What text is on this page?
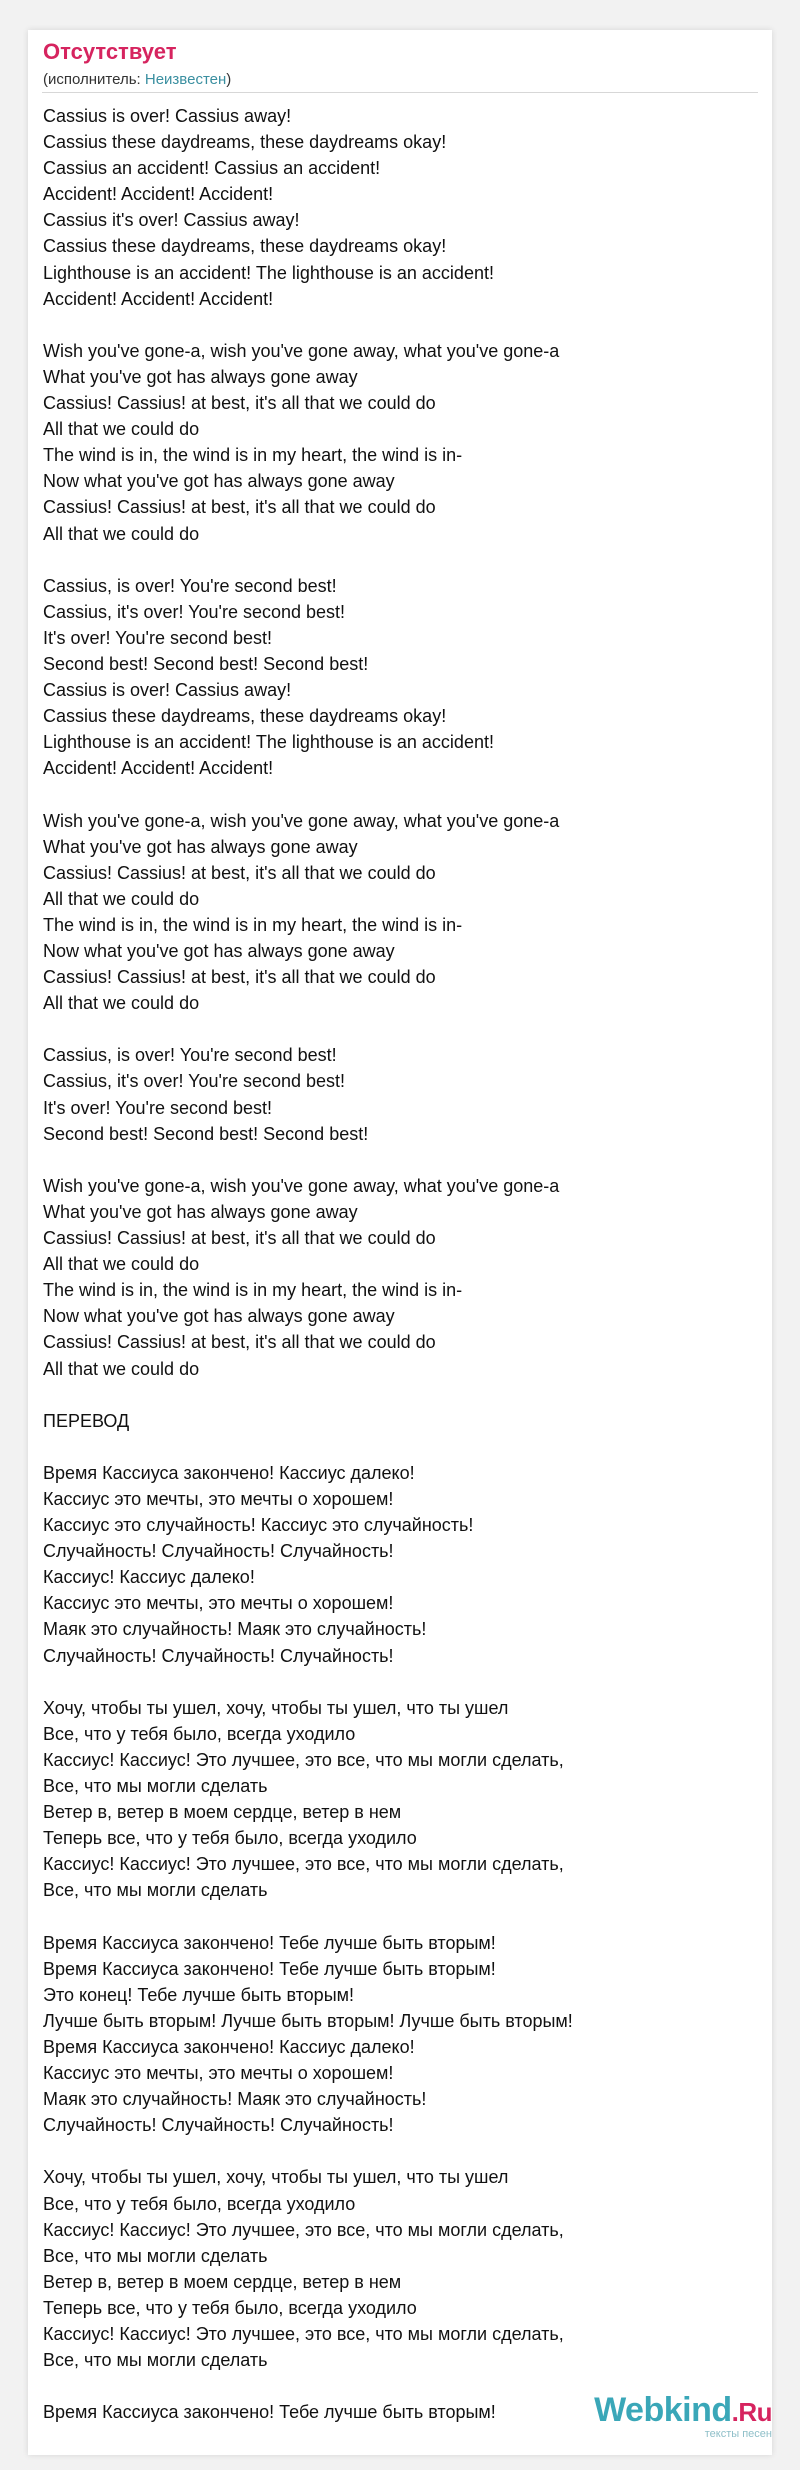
Отсутствует
(исполнитель: Неизвестен)
Cassius is over! Cassius away!
Cassius these daydreams, these daydreams okay!
Cassius an accident! Cassius an accident!
Accident! Accident! Accident!
Cassius it's over! Cassius away!
Cassius these daydreams, these daydreams okay!
Lighthouse is an accident! The lighthouse is an accident!
Accident! Accident! Accident!
Wish you've gone-a, wish you've gone away, what you've gone-a
What you've got has always gone away
Cassius! Cassius! at best, it's all that we could do
All that we could do
The wind is in, the wind is in my heart, the wind is in-
Now what you've got has always gone away
Cassius! Cassius! at best, it's all that we could do
All that we could do
Cassius, is over! You're second best!
Cassius, it's over! You're second best!
It's over! You're second best!
Second best! Second best! Second best!
Cassius is over! Cassius away!
Cassius these daydreams, these daydreams okay!
Lighthouse is an accident! The lighthouse is an accident!
Accident! Accident! Accident!
Wish you've gone-a, wish you've gone away, what you've gone-a
What you've got has always gone away
Cassius! Cassius! at best, it's all that we could do
All that we could do
The wind is in, the wind is in my heart, the wind is in-
Now what you've got has always gone away
Cassius! Cassius! at best, it's all that we could do
All that we could do
Cassius, is over! You're second best!
Cassius, it's over! You're second best!
It's over! You're second best!
Second best! Second best! Second best!
Wish you've gone-a, wish you've gone away, what you've gone-a
What you've got has always gone away
Cassius! Cassius! at best, it's all that we could do
All that we could do
The wind is in, the wind is in my heart, the wind is in-
Now what you've got has always gone away
Cassius! Cassius! at best, it's all that we could do
All that we could do
ПЕРЕВОД
Время Кассиуса закончено! Кассиус далеко!
Кассиус это мечты, это мечты о хорошем!
Кассиус это случайность! Кассиус это случайность!
Случайность! Случайность! Случайность!
Кассиус! Кассиус далеко!
Кассиус это мечты, это мечты о хорошем!
Маяк это случайность! Маяк это случайность!
Случайность! Случайность! Случайность!
Хочу, чтобы ты ушел, хочу, чтобы ты ушел, что ты ушел
Все, что у тебя было, всегда уходило
Кассиус! Кассиус! Это лучшее, это все, что мы могли сделать,
Все, что мы могли сделать
Ветер в, ветер в моем сердце, ветер в нем
Теперь все, что у тебя было, всегда уходило
Кассиус! Кассиус! Это лучшее, это все, что мы могли сделать,
Все, что мы могли сделать
Время Кассиуса закончено! Тебе лучше быть вторым!
Время Кассиуса закончено! Тебе лучше быть вторым!
Это конец! Тебе лучше быть вторым!
Лучше быть вторым! Лучше быть вторым! Лучше быть вторым!
Время Кассиуса закончено! Кассиус далеко!
Кассиус это мечты, это мечты о хорошем!
Маяк это случайность! Маяк это случайность!
Случайность! Случайность! Случайность!
Хочу, чтобы ты ушел, хочу, чтобы ты ушел, что ты ушел
Все, что у тебя было, всегда уходило
Кассиус! Кассиус! Это лучшее, это все, что мы могли сделать,
Все, что мы могли сделать
Ветер в, ветер в моем сердце, ветер в нем
Теперь все, что у тебя было, всегда уходило
Кассиус! Кассиус! Это лучшее, это все, что мы могли сделать,
Все, что мы могли сделать
Время Кассиуса закончено! Тебе лучше быть вторым!	Webkind.Ru
тексты песен
